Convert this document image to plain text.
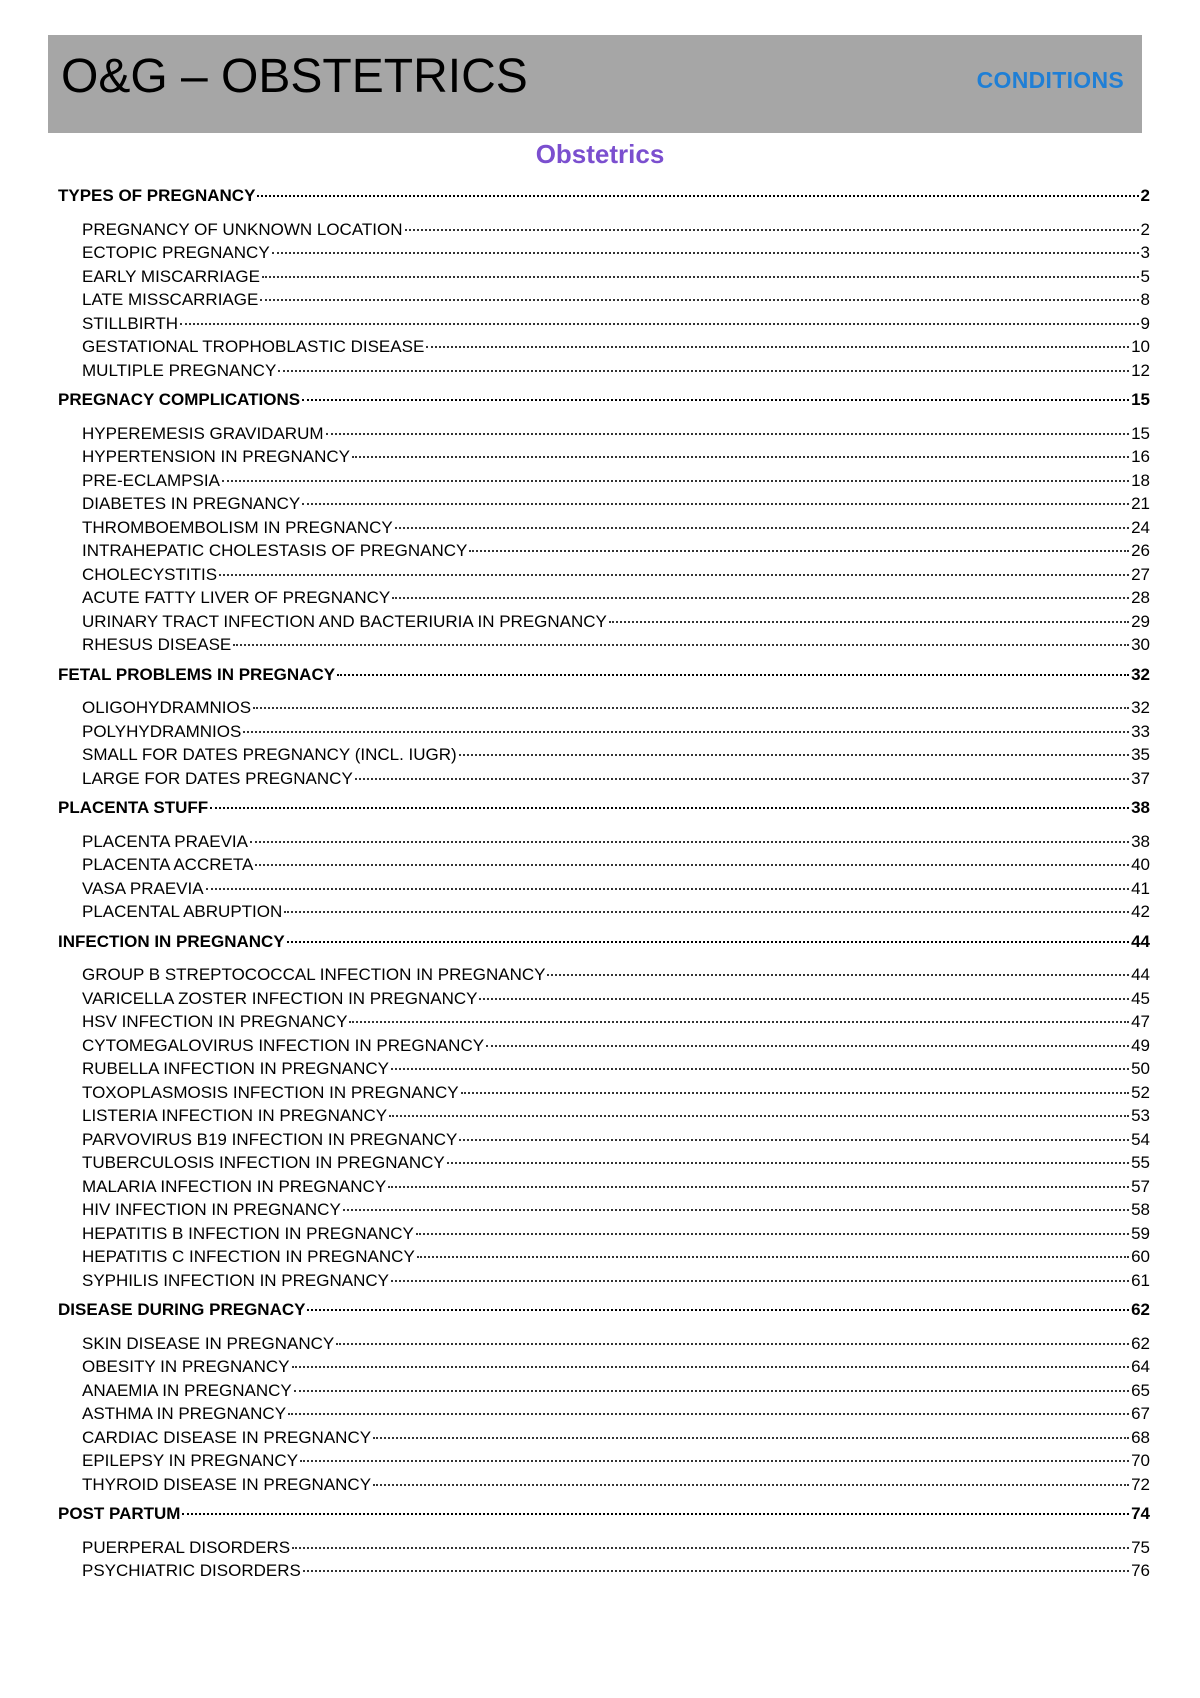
O&G – OBSTETRICS	CONDITIONS
Obstetrics
TYPES OF PREGNANCY	2
PREGNANCY OF UNKNOWN LOCATION	2
ECTOPIC PREGNANCY	3
EARLY MISCARRIAGE	5
LATE MISSCARRIAGE	8
STILLBIRTH	9
GESTATIONAL TROPHOBLASTIC DISEASE	10
MULTIPLE PREGNANCY	12
PREGNACY COMPLICATIONS	15
HYPEREMESIS GRAVIDARUM	15
HYPERTENSION IN PREGNANCY	16
PRE-ECLAMPSIA	18
DIABETES IN PREGNANCY	21
THROMBOEMBOLISM IN PREGNANCY	24
INTRAHEPATIC CHOLESTASIS OF PREGNANCY	26
CHOLECYSTITIS	27
ACUTE FATTY LIVER OF PREGNANCY	28
URINARY TRACT INFECTION AND BACTERIURIA IN PREGNANCY	29
RHESUS DISEASE	30
FETAL PROBLEMS IN PREGNACY	32
OLIGOHYDRAMNIOS	32
POLYHYDRAMNIOS	33
SMALL FOR DATES PREGNANCY (INCL. IUGR)	35
LARGE FOR DATES PREGNANCY	37
PLACENTA STUFF	38
PLACENTA PRAEVIA	38
PLACENTA ACCRETA	40
VASA PRAEVIA	41
PLACENTAL ABRUPTION	42
INFECTION IN PREGNANCY	44
GROUP B STREPTOCOCCAL INFECTION IN PREGNANCY	44
VARICELLA ZOSTER INFECTION IN PREGNANCY	45
HSV INFECTION IN PREGNANCY	47
CYTOMEGALOVIRUS INFECTION IN PREGNANCY	49
RUBELLA INFECTION IN PREGNANCY	50
TOXOPLASMOSIS INFECTION IN PREGNANCY	52
LISTERIA INFECTION IN PREGNANCY	53
PARVOVIRUS B19 INFECTION IN PREGNANCY	54
TUBERCULOSIS INFECTION IN PREGNANCY	55
MALARIA INFECTION IN PREGNANCY	57
HIV INFECTION IN PREGNANCY	58
HEPATITIS B INFECTION IN PREGNANCY	59
HEPATITIS C INFECTION IN PREGNANCY	60
SYPHILIS INFECTION IN PREGNANCY	61
DISEASE DURING PREGNACY	62
SKIN DISEASE IN PREGNANCY	62
OBESITY IN PREGNANCY	64
ANAEMIA IN PREGNANCY	65
ASTHMA IN PREGNANCY	67
CARDIAC DISEASE IN PREGNANCY	68
EPILEPSY IN PREGNANCY	70
THYROID DISEASE IN PREGNANCY	72
POST PARTUM	74
PUERPERAL DISORDERS	75
PSYCHIATRIC DISORDERS	76
